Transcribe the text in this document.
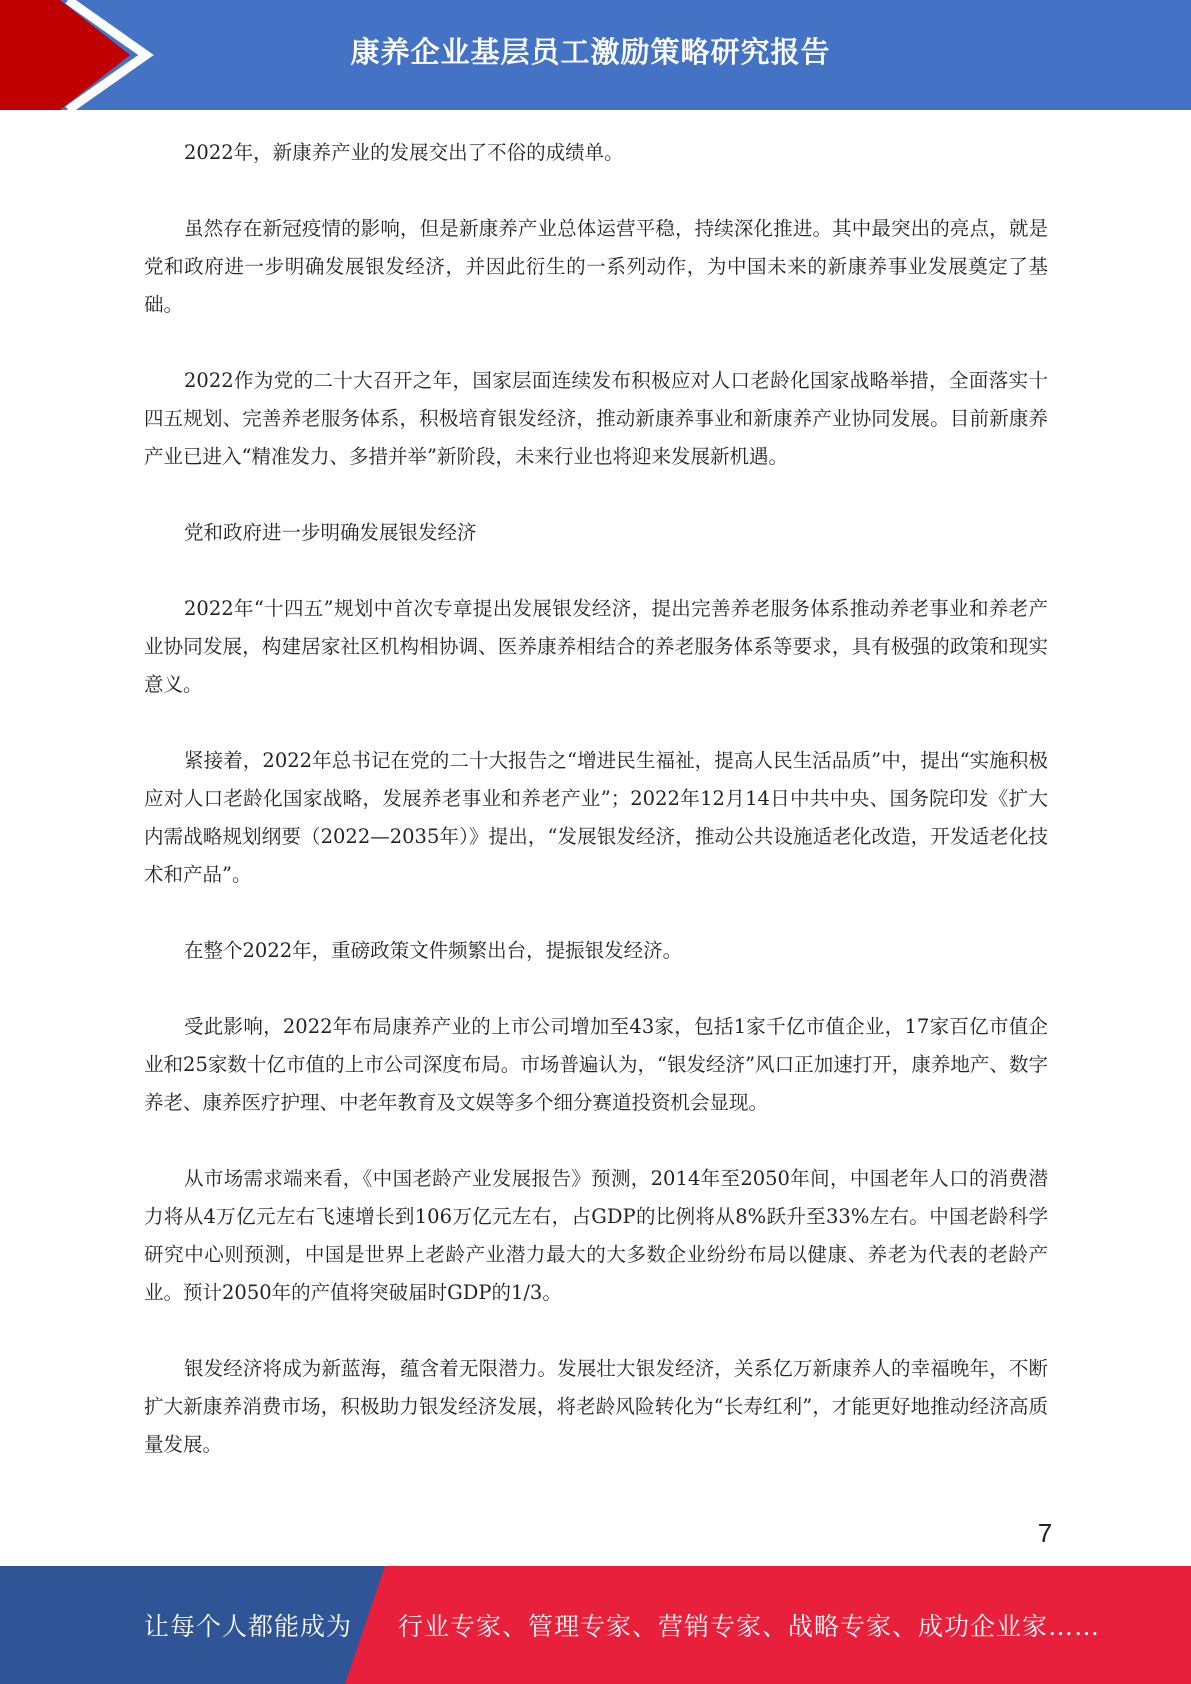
康养企业基层员工激励策略研究报告

2022年，新康养产业的发展交出了不俗的成绩单。

虽然存在新冠疫情的影响，但是新康养产业总体运营平稳，持续深化推进。其中最突出的亮点，就是党和政府进一步明确发展银发经济，并因此衍生的一系列动作，为中国未来的新康养事业发展奠定了基础。

2022作为党的二十大召开之年，国家层面连续发布积极应对人口老龄化国家战略举措，全面落实十四五规划、完善养老服务体系，积极培育银发经济，推动新康养事业和新康养产业协同发展。目前新康养产业已进入“精准发力、多措并举”新阶段，未来行业也将迎来发展新机遇。

党和政府进一步明确发展银发经济

2022年“十四五”规划中首次专章提出发展银发经济，提出完善养老服务体系推动养老事业和养老产业协同发展，构建居家社区机构相协调、医养康养相结合的养老服务体系等要求，具有极强的政策和现实意义。

紧接着，2022年总书记在党的二十大报告之“增进民生福祉，提高人民生活品质”中，提出“实施积极应对人口老龄化国家战略，发展养老事业和养老产业”；2022年12月14日中共中央、国务院印发《扩大内需战略规划纲要（2022—2035年）》提出，“发展银发经济，推动公共设施适老化改造，开发适老化技术和产品”。

在整个2022年，重磅政策文件频繁出台，提振银发经济。

受此影响，2022年布局康养产业的上市公司增加至43家，包括1家千亿市值企业，17家百亿市值企业和25家数十亿市值的上市公司深度布局。市场普遍认为，“银发经济”风口正加速打开，康养地产、数字养老、康养医疗护理、中老年教育及文娱等多个细分赛道投资机会显现。

从市场需求端来看，《中国老龄产业发展报告》预测，2014年至2050年间，中国老年人口的消费潜力将从4万亿元左右飞速增长到106万亿元左右，占GDP的比例将从8%跃升至33%左右。中国老龄科学研究中心则预测，中国是世界上老龄产业潜力最大的大多数企业纷纷布局以健康、养老为代表的老龄产业。预计2050年的产值将突破届时GDP的1/3。

银发经济将成为新蓝海，蕴含着无限潜力。发展壮大银发经济，关系亿万新康养人的幸福晚年，不断扩大新康养消费市场，积极助力银发经济发展，将老龄风险转化为“长寿红利”，才能更好地推动经济高质量发展。

7
让每个人都能成为 行业专家、管理专家、营销专家、战略专家、成功企业家……
